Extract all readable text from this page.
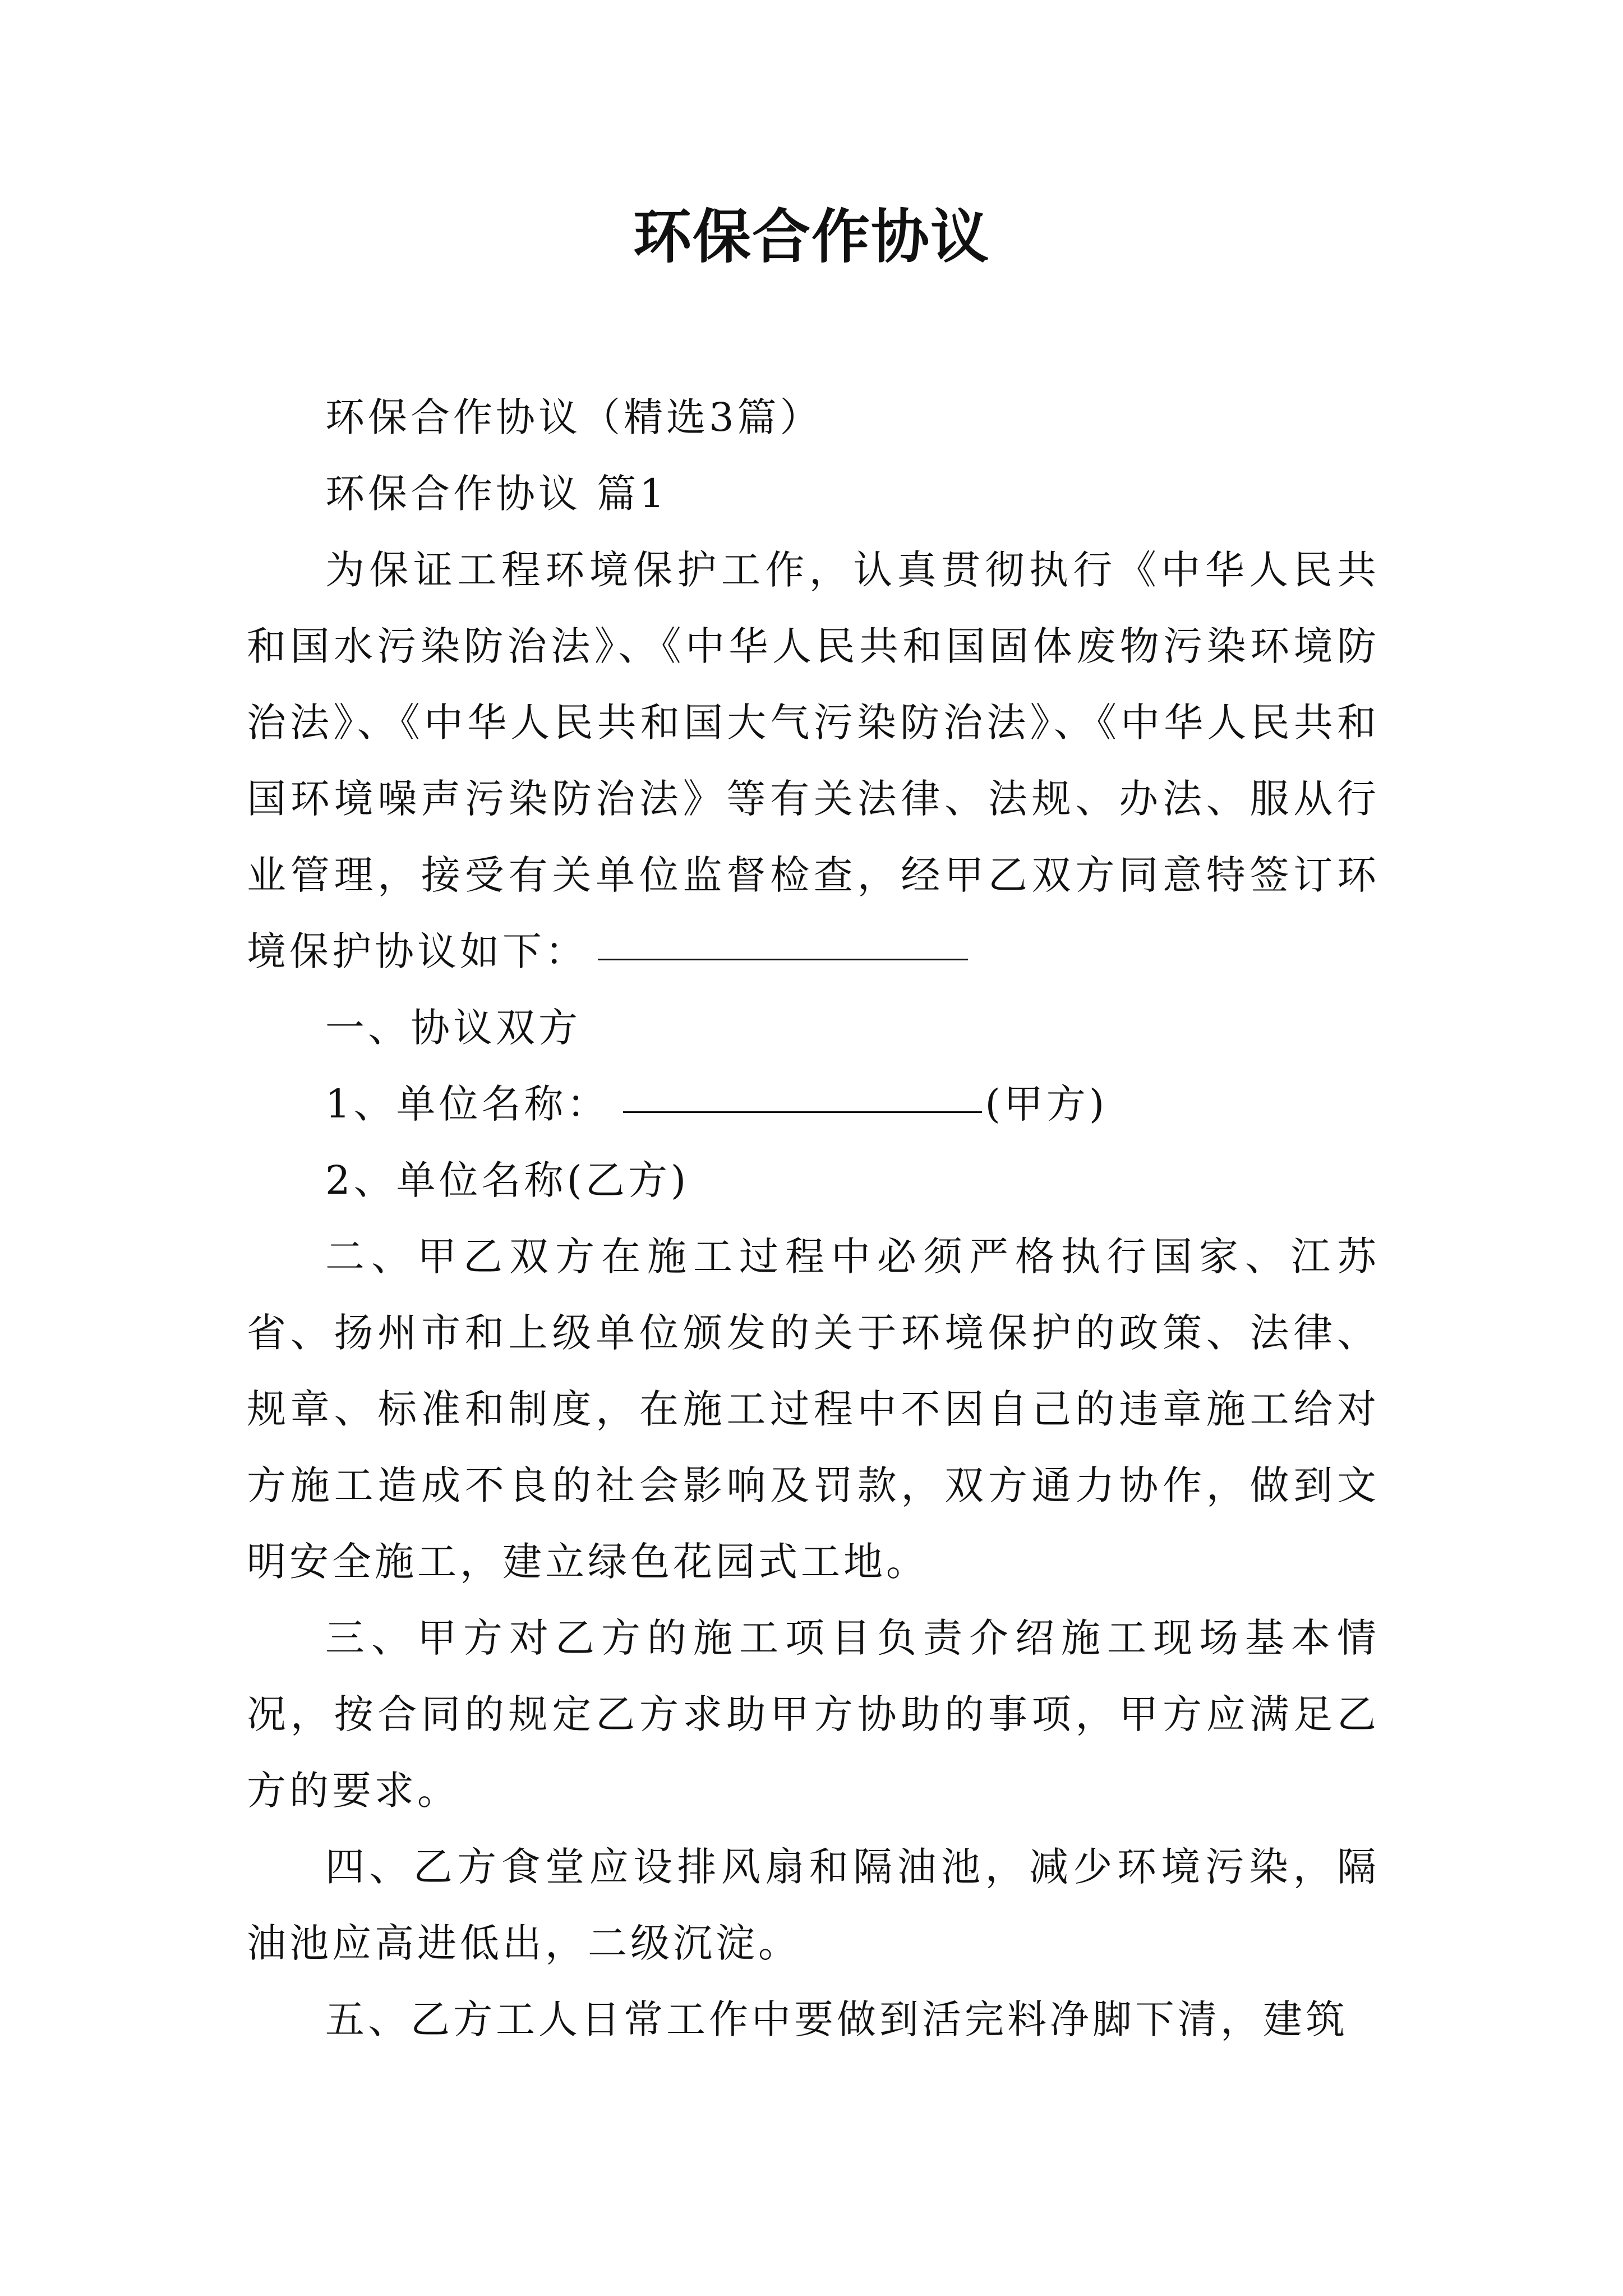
环保合作协议

环保合作协议（精选3篇）

环保合作协议 篇1

为保证工程环境保护工作，认真贯彻执行《中华人民共和国水污染防治法》、《中华人民共和国固体废物污染环境防治法》、《中华人民共和国大气污染防治法》、《中华人民共和国环境噪声污染防治法》等有关法律、法规、办法、服从行业管理，接受有关单位监督检查，经甲乙双方同意特签订环境保护协议如下：

一、协议双方

1、单位名称：	(甲方)

2、单位名称(乙方)

二、甲乙双方在施工过程中必须严格执行国家、江苏省、扬州市和上级单位颁发的关于环境保护的政策、法律、规章、标准和制度，在施工过程中不因自己的违章施工给对方施工造成不良的社会影响及罚款，双方通力协作，做到文明安全施工，建立绿色花园式工地。

三、甲方对乙方的施工项目负责介绍施工现场基本情况，按合同的规定乙方求助甲方协助的事项，甲方应满足乙方的要求。

四、乙方食堂应设排风扇和隔油池，减少环境污染，隔油池应高进低出，二级沉淀。

五、乙方工人日常工作中要做到活完料净脚下清，建筑
